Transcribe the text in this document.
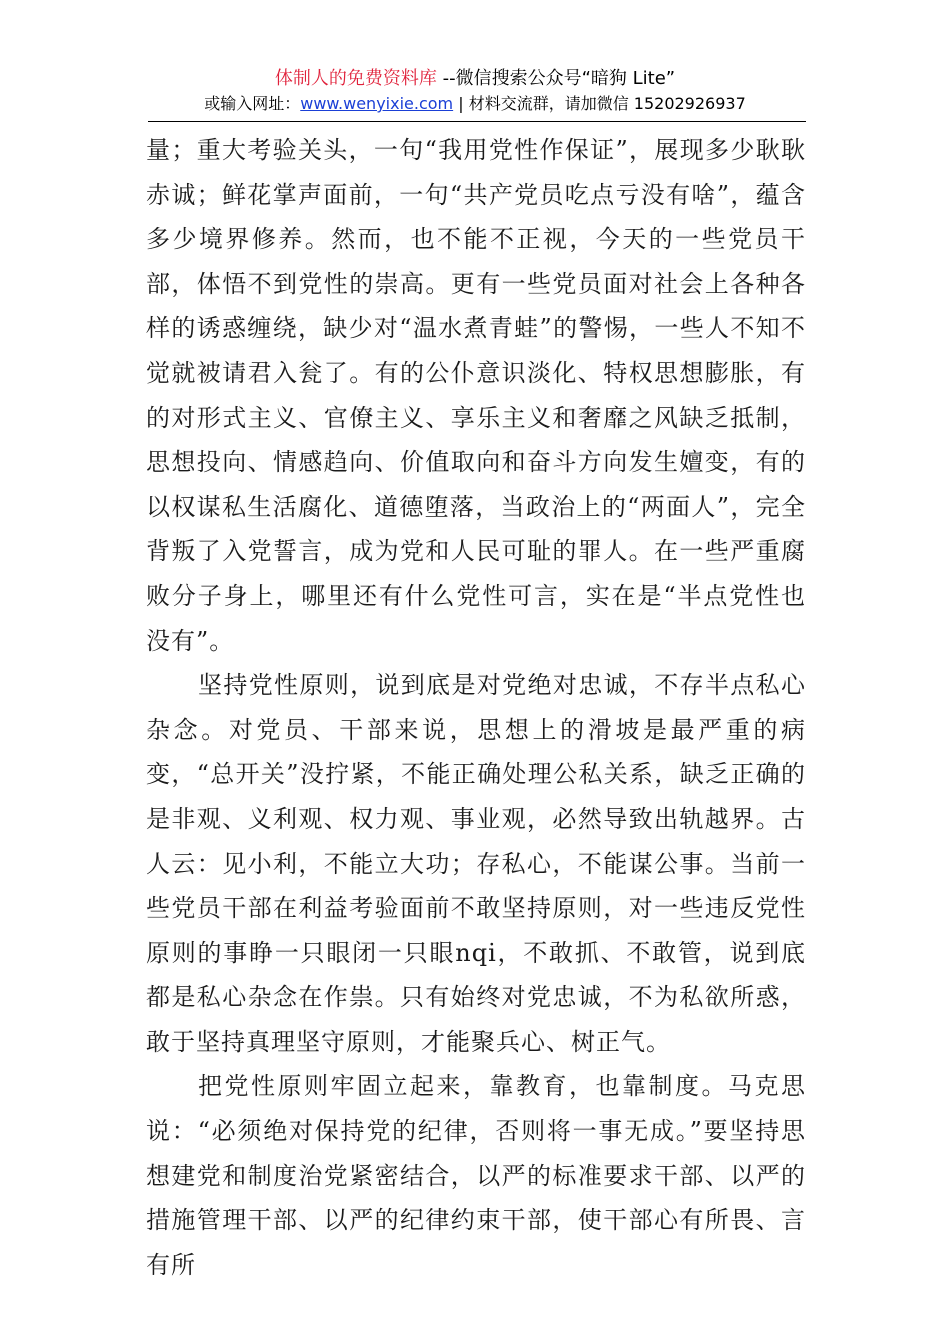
体制人的免费资料库 --微信搜索公众号“暗狗 Lite”
或输入网址：www.wenyixie.com | 材料交流群，请加微信 15202926937

量；重大考验关头，一句“我用党性作保证”，展现多少耿耿赤诚；鲜花掌声面前，一句“共产党员吃点亏没有啥”，蕴含多少境界修养。然而，也不能不正视，今天的一些党员干部，体悟不到党性的崇高。更有一些党员面对社会上各种各样的诱惑缠绕，缺少对“温水煮青蛙”的警惕，一些人不知不觉就被请君入瓮了。有的公仆意识淡化、特权思想膨胀，有的对形式主义、官僚主义、享乐主义和奢靡之风缺乏抵制，思想投向、情感趋向、价值取向和奋斗方向发生嬗变，有的以权谋私生活腐化、道德堕落，当政治上的“两面人”，完全背叛了入党誓言，成为党和人民可耻的罪人。在一些严重腐败分子身上，哪里还有什么党性可言，实在是“半点党性也没有”。

坚持党性原则，说到底是对党绝对忠诚，不存半点私心杂念。对党员、干部来说，思想上的滑坡是最严重的病变，“总开关”没拧紧，不能正确处理公私关系，缺乏正确的是非观、义利观、权力观、事业观，必然导致出轨越界。古人云：见小利，不能立大功；存私心，不能谋公事。当前一些党员干部在利益考验面前不敢坚持原则，对一些违反党性原则的事睁一只眼闭一只眼nqi，不敢抓、不敢管，说到底都是私心杂念在作祟。只有始终对党忠诚，不为私欲所惑，敢于坚持真理坚守原则，才能聚兵心、树正气。

把党性原则牢固立起来，靠教育，也靠制度。马克思说：“必须绝对保持党的纪律，否则将一事无成。”要坚持思想建党和制度治党紧密结合，以严的标准要求干部、以严的措施管理干部、以严的纪律约束干部，使干部心有所畏、言有所
